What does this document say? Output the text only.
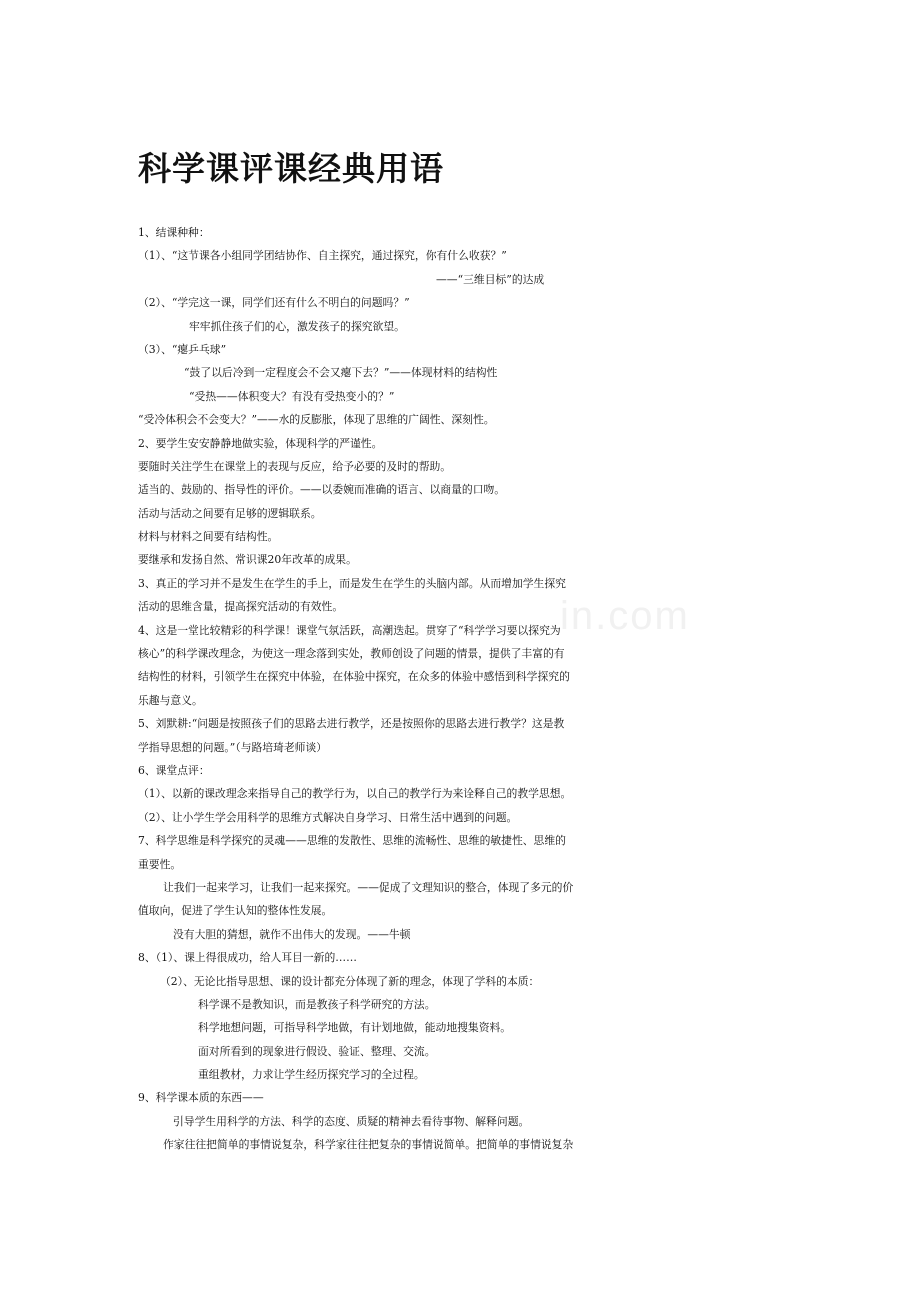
in.com
科学课评课经典用语
1、结课种种：
（1）、“这节课各小组同学团结协作、自主探究，通过探究，你有什么收获？”
——“三维目标”的达成
（2）、“学完这一课，同学们还有什么不明白的问题吗？”
牢牢抓住孩子们的心，激发孩子的探究欲望。
（3）、“瘪乒乓球”
“鼓了以后冷到一定程度会不会又瘪下去？”——体现材料的结构性
“受热——体积变大？有没有受热变小的？”
“受冷体积会不会变大？”——水的反膨胀，体现了思维的广阔性、深刻性。
2、要学生安安静静地做实验，体现科学的严谨性。
要随时关注学生在课堂上的表现与反应，给予必要的及时的帮助。
适当的、鼓励的、指导性的评价。——以委婉而准确的语言、以商量的口吻。
活动与活动之间要有足够的逻辑联系。
材料与材料之间要有结构性。
要继承和发扬自然、常识课20年改革的成果。
3、真正的学习并不是发生在学生的手上，而是发生在学生的头脑内部。从而增加学生探究
活动的思维含量，提高探究活动的有效性。
4、这是一堂比较精彩的科学课！课堂气氛活跃，高潮迭起。贯穿了“科学学习要以探究为
核心”的科学课改理念，为使这一理念落到实处，教师创设了问题的情景，提供了丰富的有
结构性的材料，引领学生在探究中体验，在体验中探究，在众多的体验中感悟到科学探究的
乐趣与意义。
5、刘默耕:“问题是按照孩子们的思路去进行教学，还是按照你的思路去进行教学？这是教
学指导思想的问题。”（与路培琦老师谈）
6、课堂点评：
（1）、以新的课改理念来指导自己的教学行为，以自己的教学行为来诠释自己的教学思想。
（2）、让小学生学会用科学的思维方式解决自身学习、日常生活中遇到的问题。
7、科学思维是科学探究的灵魂——思维的发散性、思维的流畅性、思维的敏捷性、思维的
重要性。
让我们一起来学习，让我们一起来探究。——促成了文理知识的整合，体现了多元的价
值取向，促进了学生认知的整体性发展。
没有大胆的猜想，就作不出伟大的发现。——牛顿
8、（1）、课上得很成功，给人耳目一新的……
（2）、无论比指导思想、课的设计都充分体现了新的理念，体现了学科的本质：
科学课不是教知识，而是教孩子科学研究的方法。
科学地想问题，可指导科学地做，有计划地做，能动地搜集资料。
面对所看到的现象进行假设、验证、整理、交流。
重组教材，力求让学生经历探究学习的全过程。
9、科学课本质的东西——
引导学生用科学的方法、科学的态度、质疑的精神去看待事物、解释问题。
作家往往把简单的事情说复杂，科学家往往把复杂的事情说简单。把简单的事情说复杂
